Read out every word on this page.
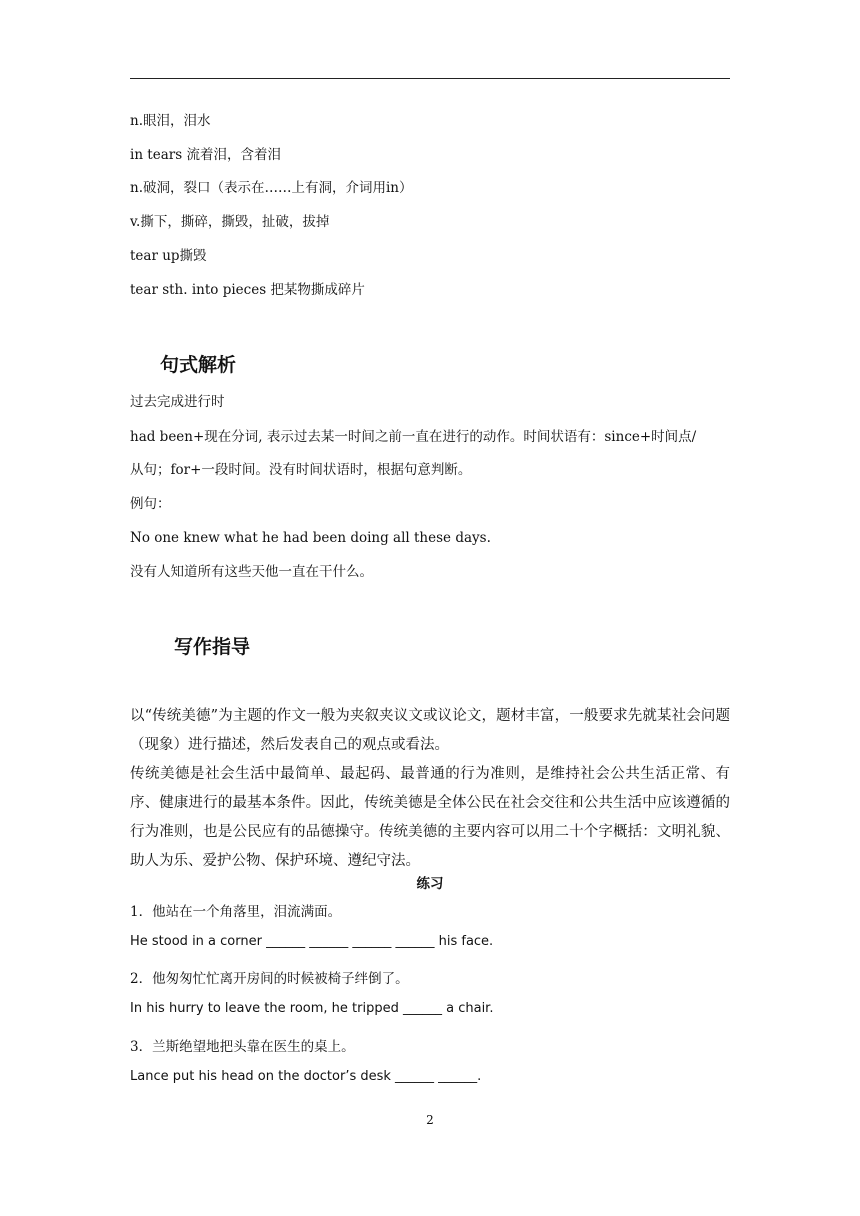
n.眼泪，泪水
in tears 流着泪，含着泪
n.破洞，裂口（表示在……上有洞，介词用in）
v.撕下，撕碎，撕毁，扯破，拔掉
tear up撕毁
tear sth. into pieces 把某物撕成碎片
句式解析
过去完成进行时
had been+现在分词, 表示过去某一时间之前一直在进行的动作。时间状语有：since+时间点/
从句；for+一段时间。没有时间状语时，根据句意判断。
例句：
No one knew what he had been doing all these days.
没有人知道所有这些天他一直在干什么。
写作指导
以“传统美德”为主题的作文一般为夹叙夹议文或议论文，题材丰富，一般要求先就某社会问题（现象）进行描述，然后发表自己的观点或看法。
传统美德是社会生活中最简单、最起码、最普通的行为准则，是维持社会公共生活正常、有序、健康进行的最基本条件。因此，传统美德是全体公民在社会交往和公共生活中应该遵循的行为准则，也是公民应有的品德操守。传统美德的主要内容可以用二十个字概括：文明礼貌、助人为乐、爱护公物、保护环境、遵纪守法。
练习
1．他站在一个角落里，泪流满面。
He stood in a corner ______ ______ ______ ______ his face.
2．他匆匆忙忙离开房间的时候被椅子绊倒了。
In his hurry to leave the room, he tripped ______ a chair.
3．兰斯绝望地把头靠在医生的桌上。
Lance put his head on the doctor’s desk ______ ______.
2
